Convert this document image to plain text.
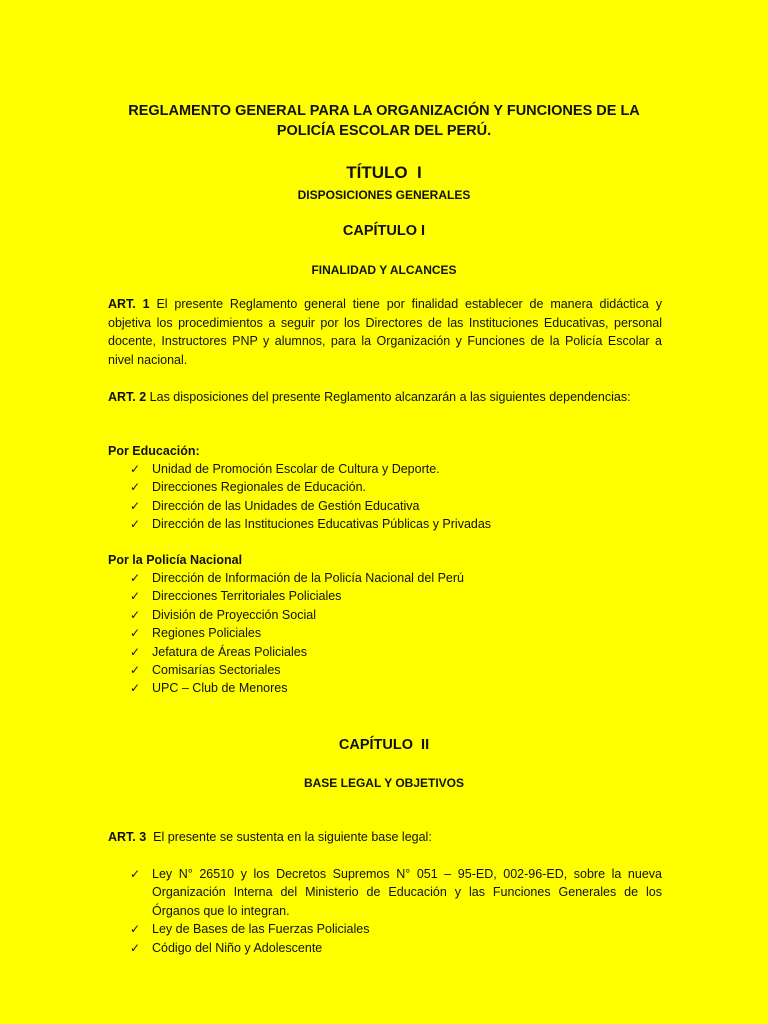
REGLAMENTO GENERAL PARA LA ORGANIZACIÓN Y FUNCIONES DE LA
POLICÍA ESCOLAR DEL PERÚ.
TÍTULO  I
DISPOSICIONES GENERALES
CAPÍTULO I
FINALIDAD Y ALCANCES
ART. 1 El presente Reglamento general tiene por finalidad establecer de manera didáctica y objetiva los procedimientos a seguir por los Directores de las Instituciones Educativas, personal docente, Instructores PNP y alumnos, para la Organización y Funciones de la Policía Escolar a nivel nacional.
ART. 2 Las disposiciones del presente Reglamento alcanzarán a las siguientes dependencias:
Por Educación:
✓ Unidad de Promoción Escolar de Cultura y Deporte.
✓ Direcciones Regionales de Educación.
✓ Dirección de las Unidades de Gestión Educativa
✓ Dirección de las Instituciones Educativas Públicas y Privadas
Por la Policía Nacional
✓ Dirección de Información de la Policía Nacional del Perú
✓ Direcciones Territoriales Policiales
✓ División de Proyección Social
✓ Regiones Policiales
✓ Jefatura de Áreas Policiales
✓ Comisarías Sectoriales
✓ UPC – Club de Menores
CAPÍTULO  II
BASE LEGAL Y OBJETIVOS
ART. 3  El presente se sustenta en la siguiente base legal:
✓ Ley N° 26510 y los Decretos Supremos N° 051 – 95-ED, 002-96-ED, sobre la nueva Organización Interna del Ministerio de Educación y las Funciones Generales de los Órganos que lo integran.
✓ Ley de Bases de las Fuerzas Policiales
✓ Código del Niño y Adolescente
